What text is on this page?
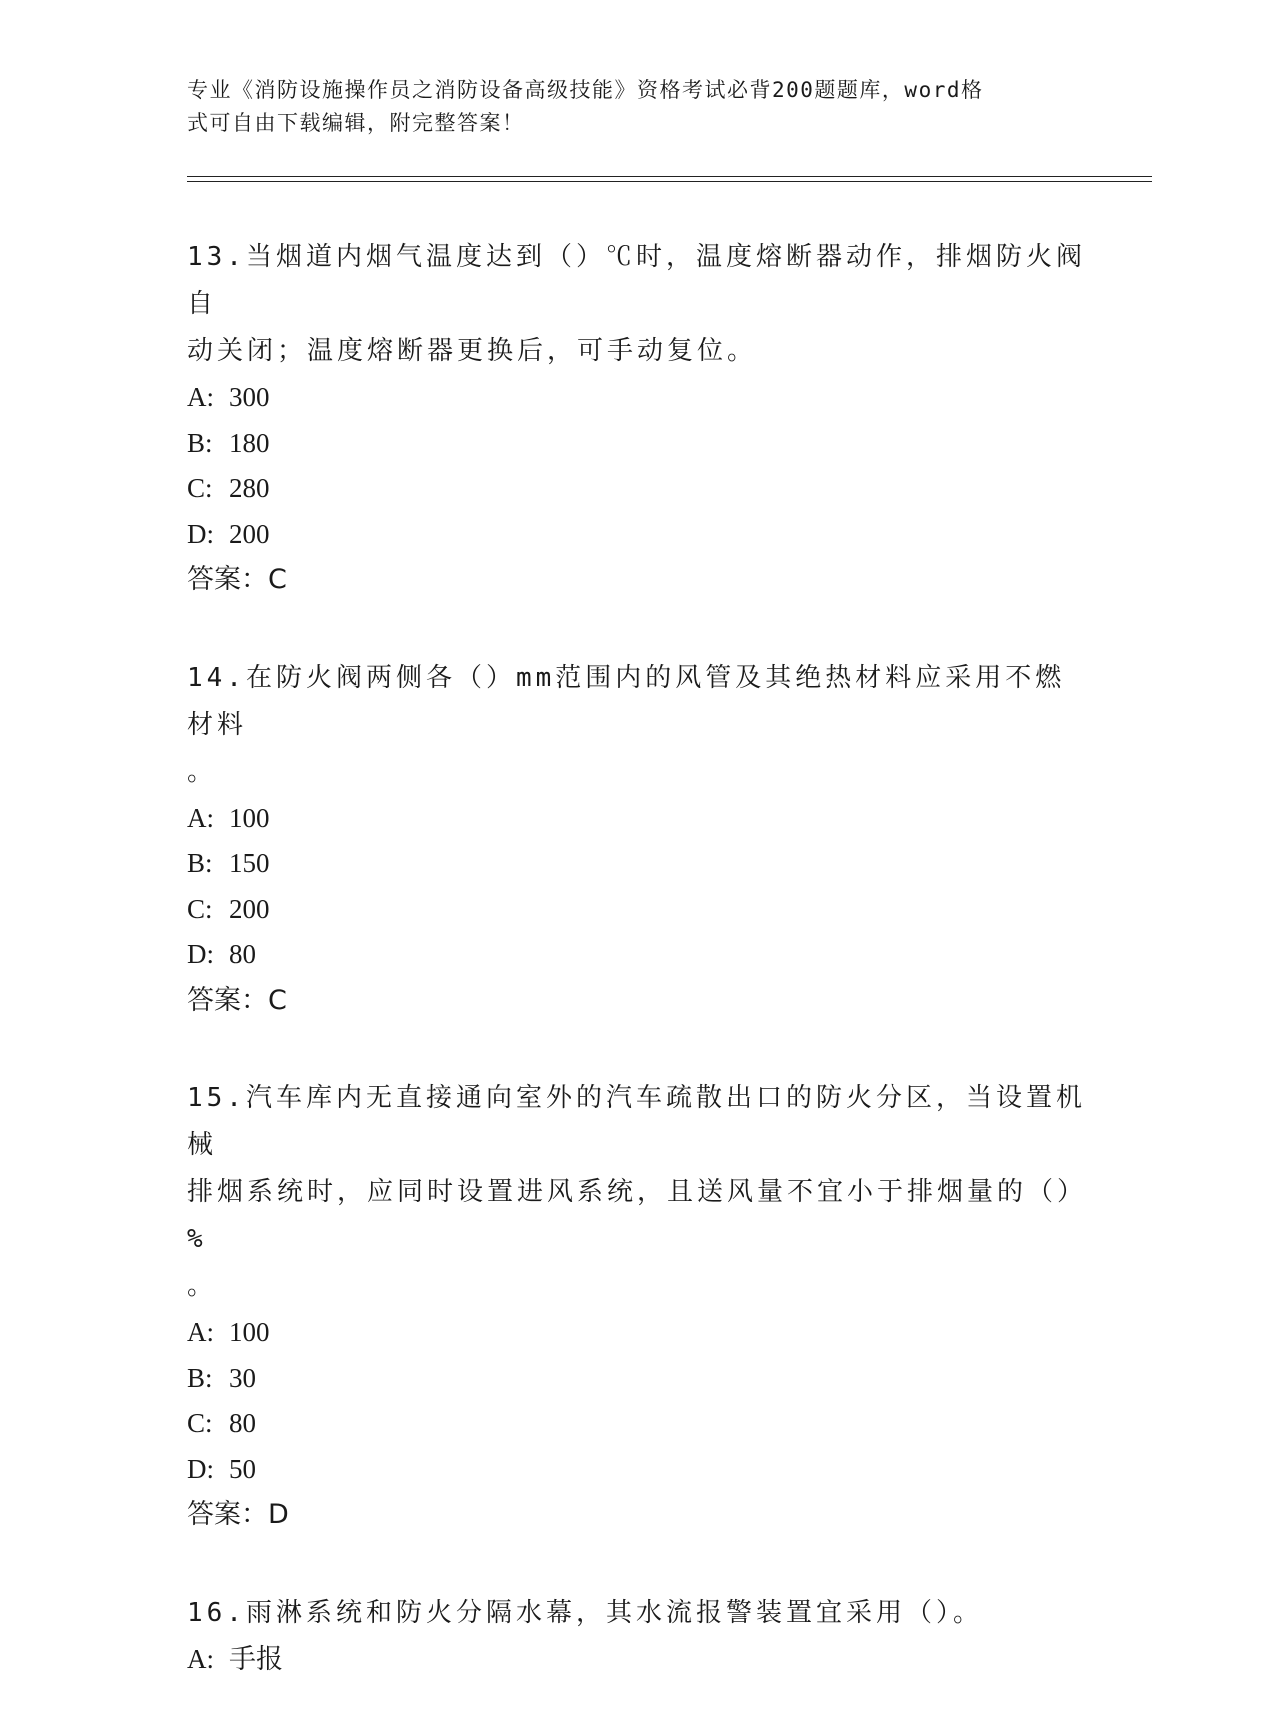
专业《消防设施操作员之消防设备高级技能》资格考试必背200题题库，word格

式可自由下载编辑，附完整答案！

13.当烟道内烟气温度达到（）℃时，温度熔断器动作，排烟防火阀自

动关闭；温度熔断器更换后，可手动复位。

A: 300

B: 180

C: 280

D: 200

答案：C

14.在防火阀两侧各（）mm范围内的风管及其绝热材料应采用不燃材料

。

A: 100

B: 150

C: 200

D: 80

答案：C

15.汽车库内无直接通向室外的汽车疏散出口的防火分区，当设置机械

排烟系统时，应同时设置进风系统，且送风量不宜小于排烟量的（）%

。

A: 100

B: 30

C: 80

D: 50

答案：D

16.雨淋系统和防火分隔水幕，其水流报警装置宜采用（）。

A: 手报
